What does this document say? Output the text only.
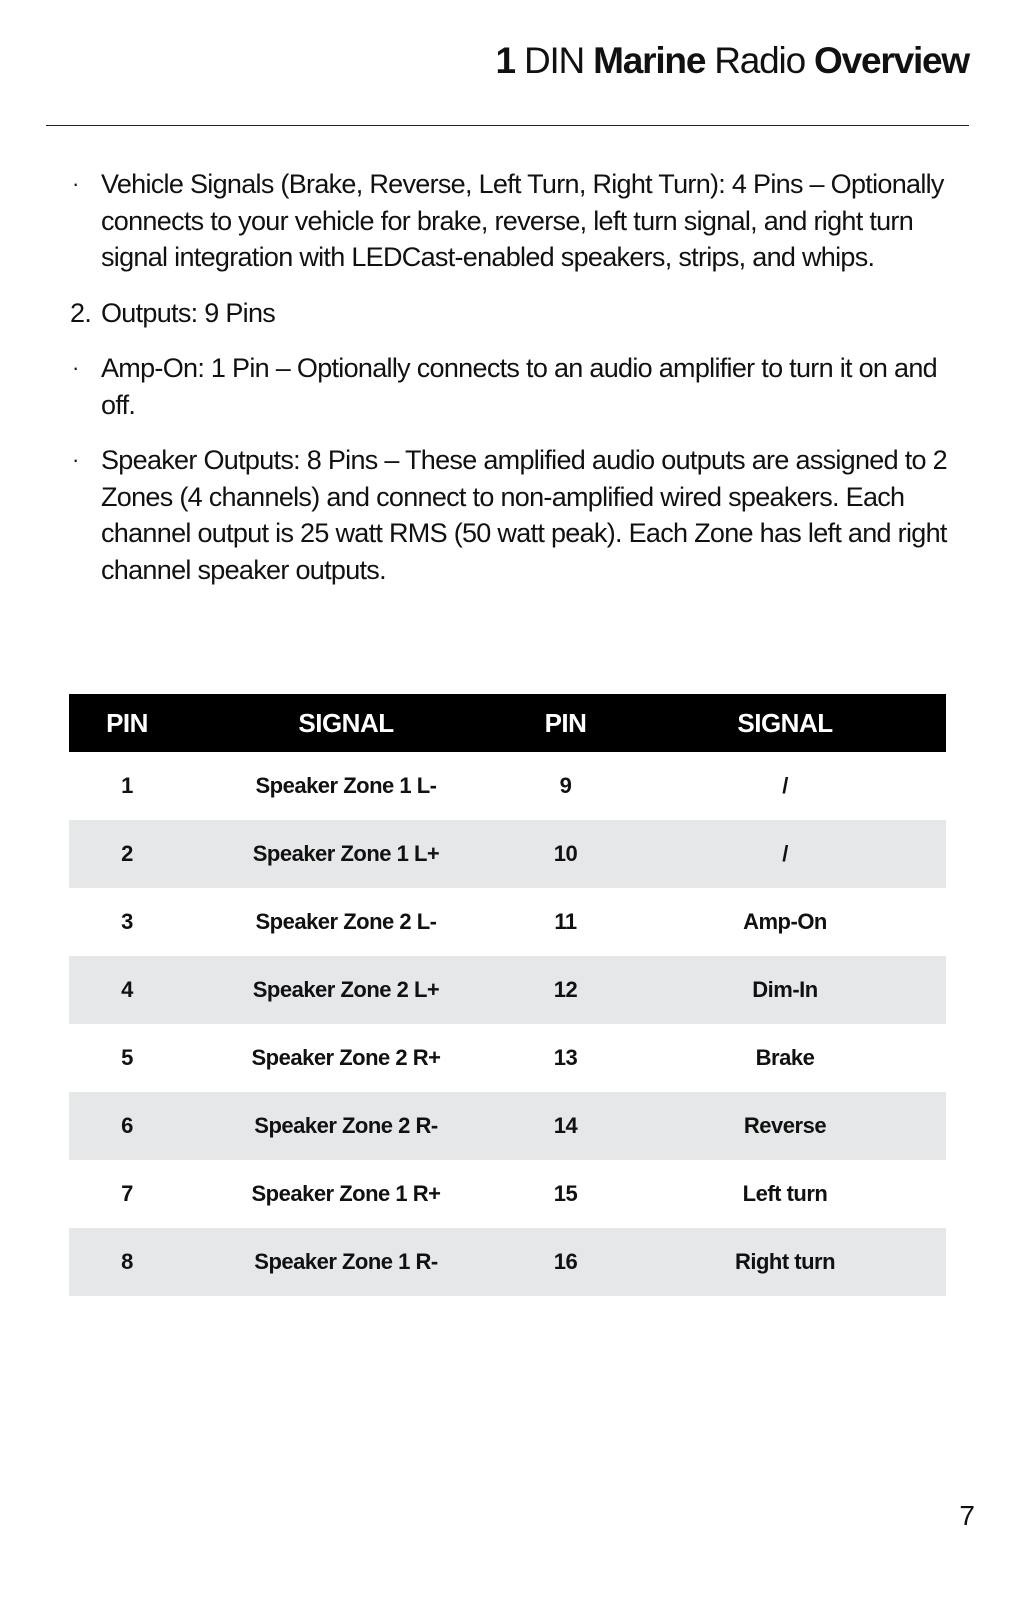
1 DIN Marine Radio Overview
· Vehicle Signals (Brake, Reverse, Left Turn, Right Turn): 4 Pins – Optionally connects to your vehicle for brake, reverse, left turn signal, and right turn signal integration with LEDCast-enabled speakers, strips, and whips.
2. Outputs: 9 Pins
· Amp-On: 1 Pin – Optionally connects to an audio amplifier to turn it on and off.
· Speaker Outputs: 8 Pins – These amplified audio outputs are assigned to 2 Zones (4 channels) and connect to non-amplified wired speakers. Each channel output is 25 watt RMS (50 watt peak). Each Zone has left and right channel speaker outputs.
PIN	SIGNAL	PIN	SIGNAL
1	Speaker Zone 1 L-	9	/
2	Speaker Zone 1 L+	10	/
3	Speaker Zone 2 L-	11	Amp-On
4	Speaker Zone 2 L+	12	Dim-In
5	Speaker Zone 2 R+	13	Brake
6	Speaker Zone 2 R-	14	Reverse
7	Speaker Zone 1 R+	15	Left turn
8	Speaker Zone 1 R-	16	Right turn
7
